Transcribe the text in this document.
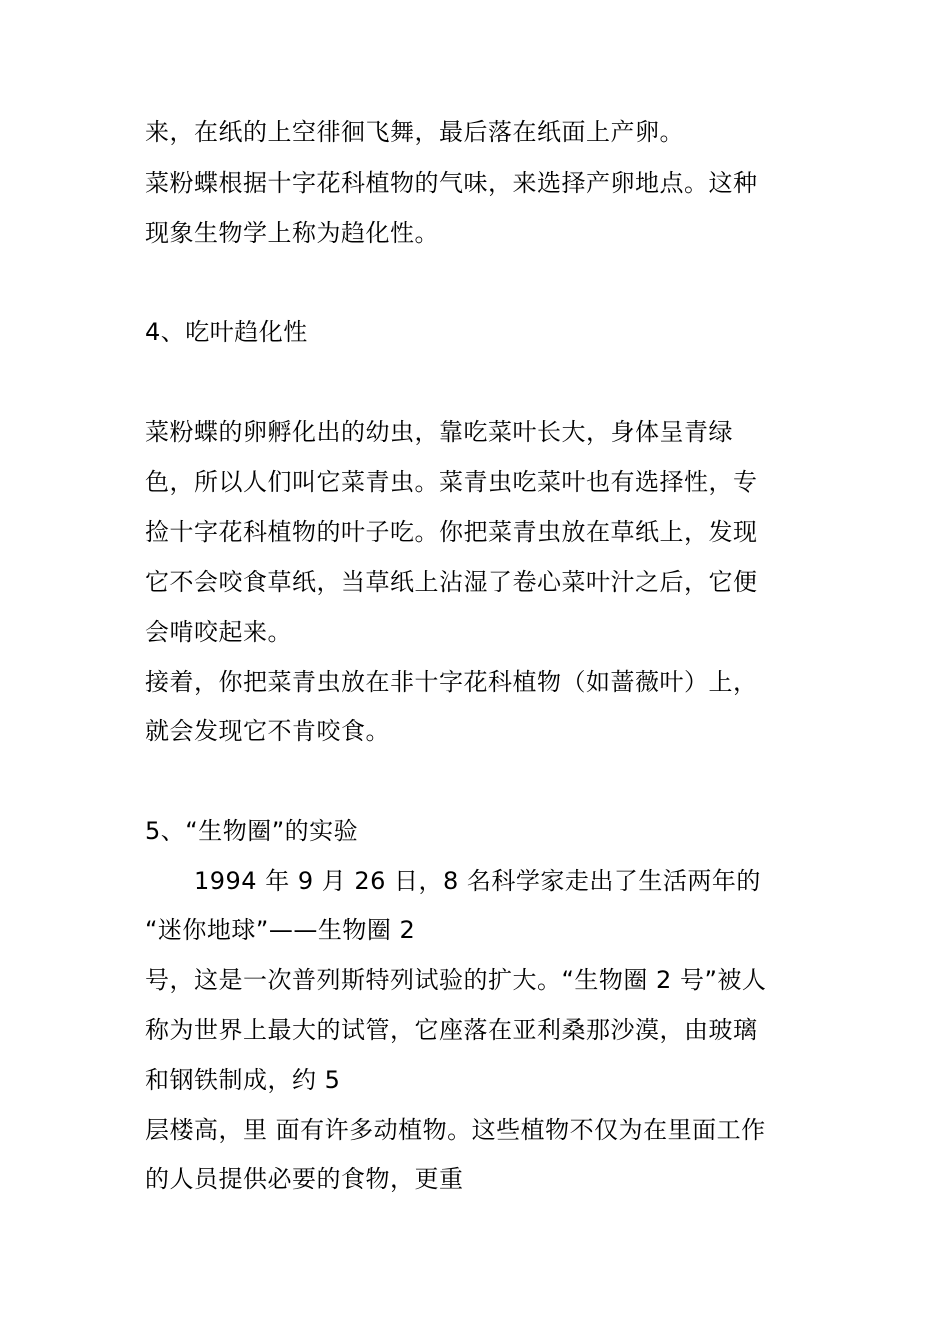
来，在纸的上空徘徊飞舞，最后落在纸面上产卵。
菜粉蝶根据十字花科植物的气味，来选择产卵地点。这种
现象生物学上称为趋化性。
4、吃叶趋化性
菜粉蝶的卵孵化出的幼虫，靠吃菜叶长大，身体呈青绿
色，所以人们叫它菜青虫。菜青虫吃菜叶也有选择性，专
捡十字花科植物的叶子吃。你把菜青虫放在草纸上，发现
它不会咬食草纸，当草纸上沾湿了卷心菜叶汁之后，它便
会啃咬起来。
接着，你把菜青虫放在非十字花科植物（如蔷薇叶）上，
就会发现它不肯咬食。
5、“生物圈”的实验
1994 年 9 月 26 日，8 名科学家走出了生活两年的
“迷你地球”——生物圈 2
号，这是一次普列斯特列试验的扩大。“生物圈 2 号”被人
称为世界上最大的试管，它座落在亚利桑那沙漠，由玻璃
和钢铁制成，约 5
层楼高，里 面有许多动植物。这些植物不仅为在里面工作
的人员提供必要的食物，更重
